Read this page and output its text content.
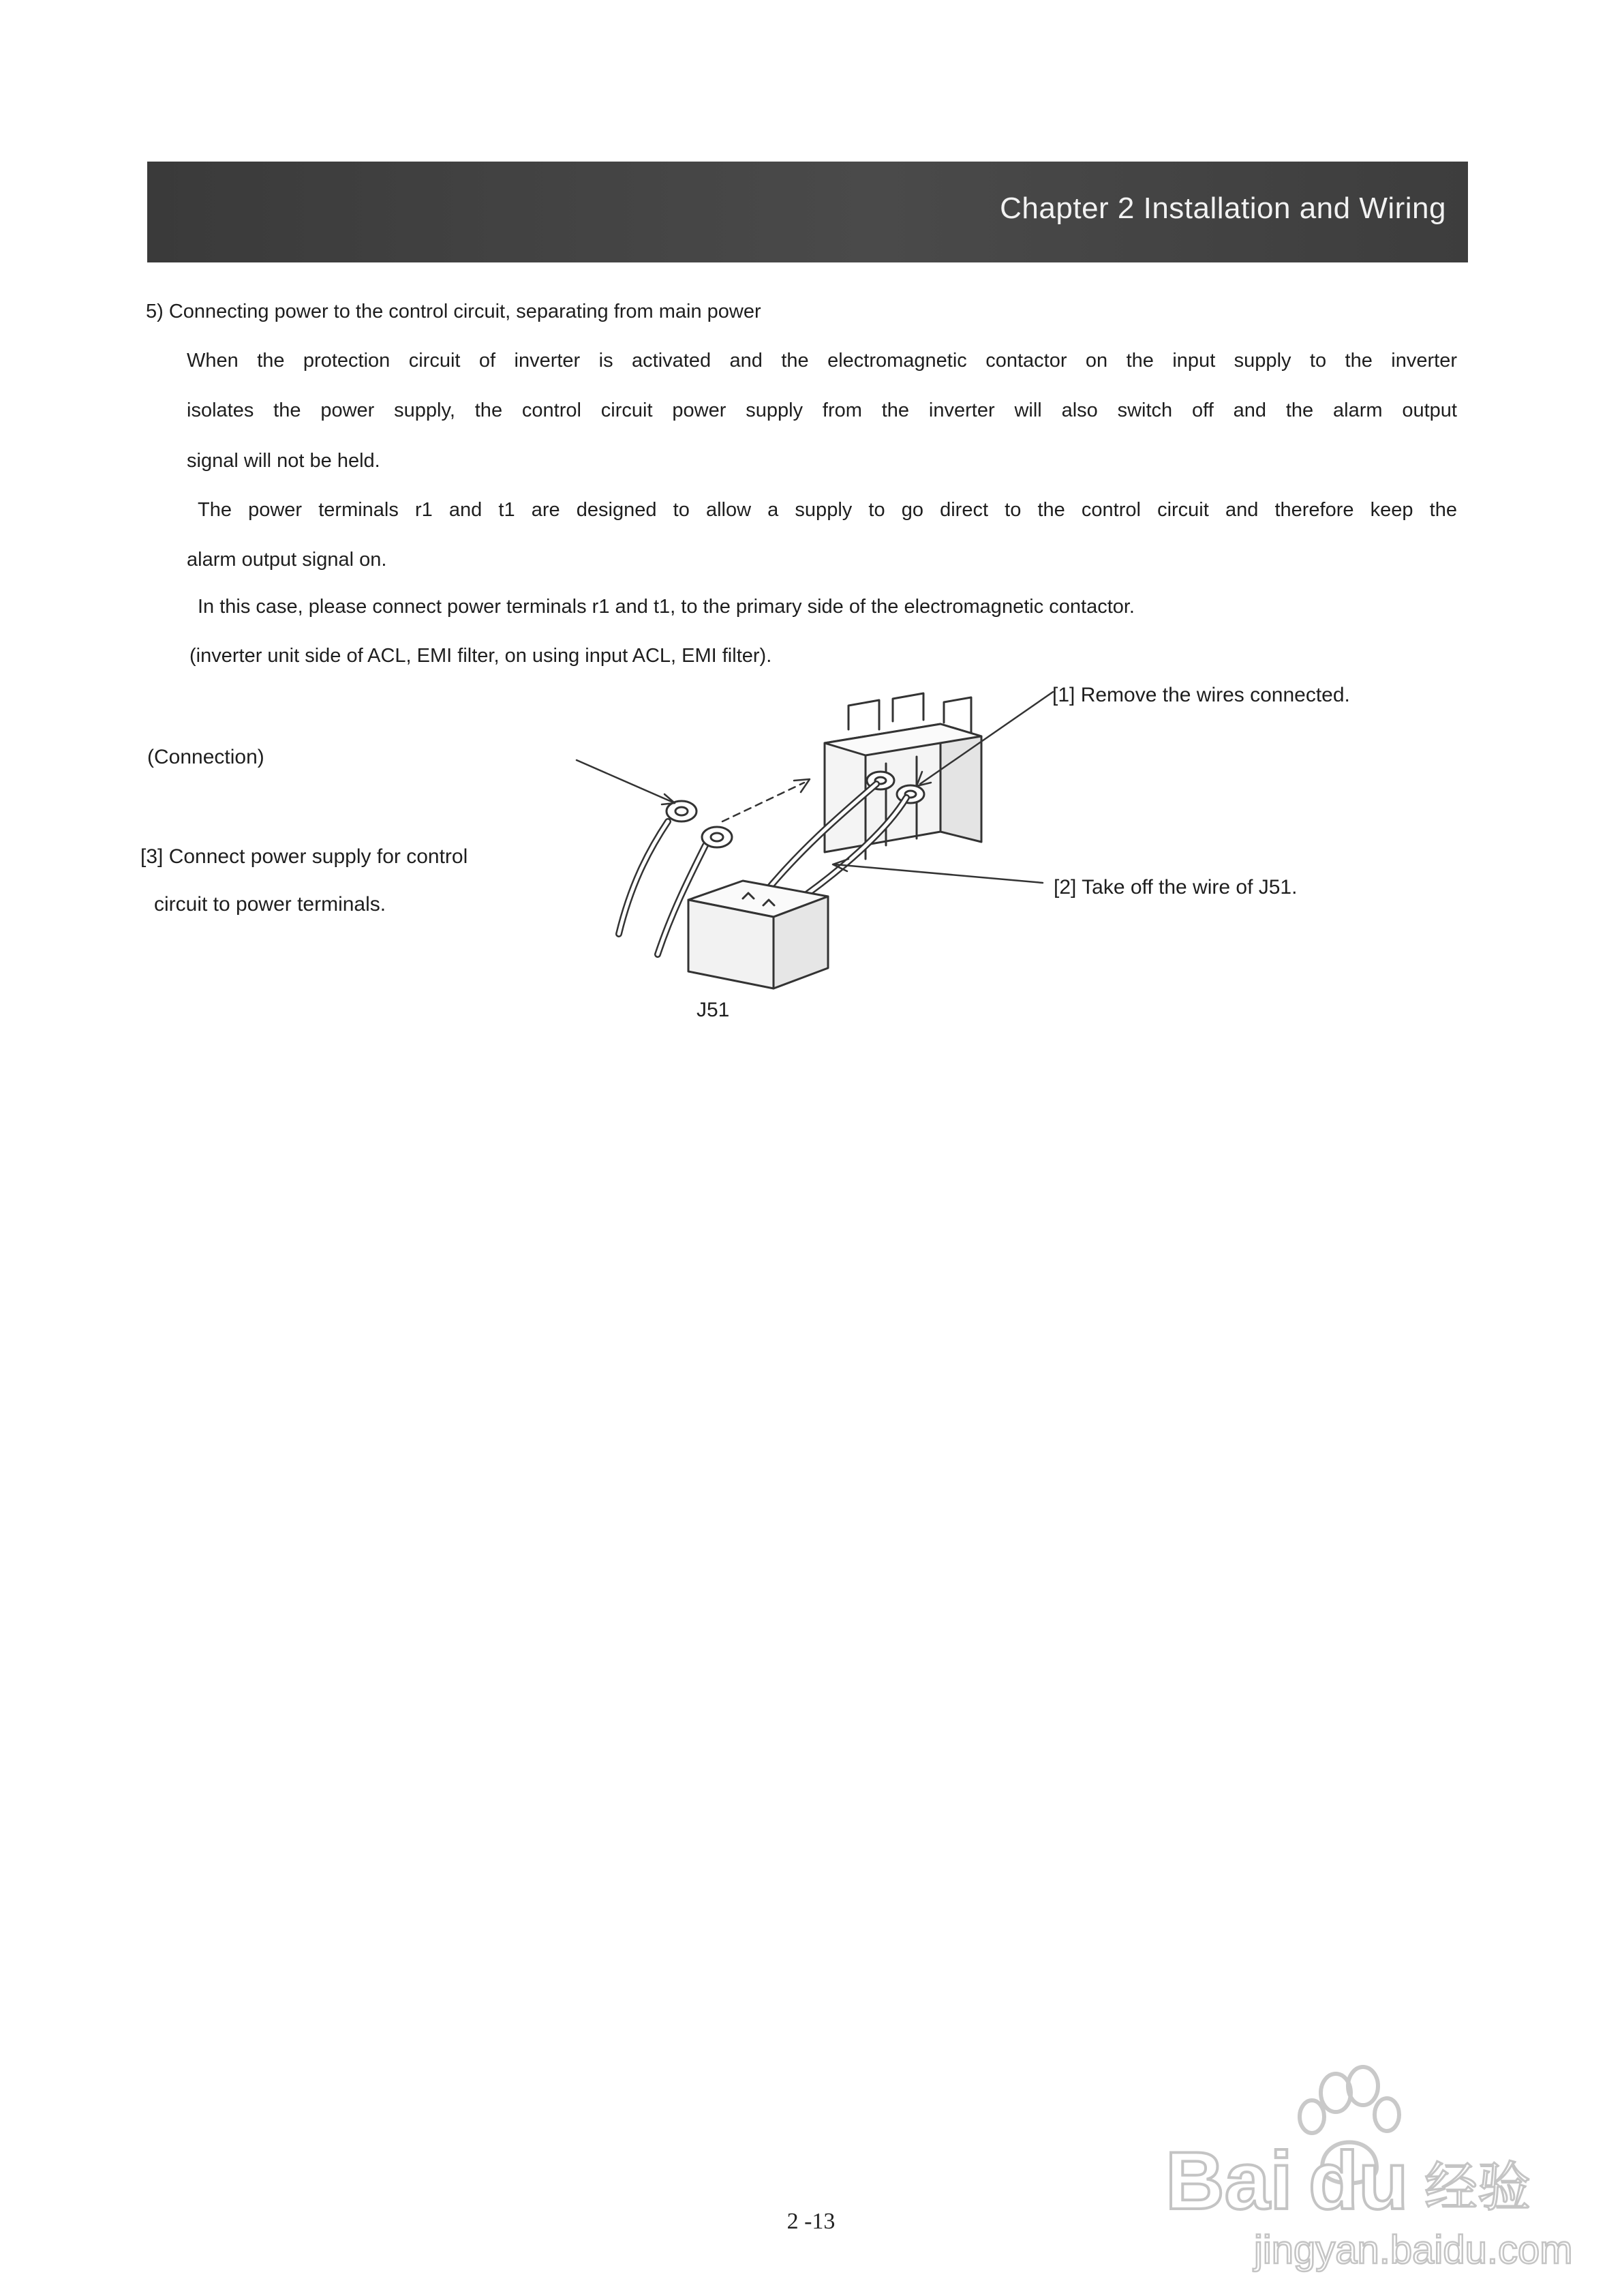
Chapter 2 Installation and Wiring
5) Connecting power to the control circuit, separating from main power
When the protection circuit of inverter is activated and the electromagnetic contactor on the input supply to the inverter
isolates the power supply, the control circuit power supply from the inverter will also switch off and the alarm output
signal will not be held.
The power terminals r1 and t1 are designed to allow a supply to go direct to the control circuit and therefore keep the
alarm output signal on.
In this case, please connect power terminals r1 and t1, to the primary side of the electromagnetic contactor.
(inverter unit side of ACL, EMI filter, on using input ACL, EMI filter).
(Connection)
[1] Remove the wires connected.
[2] Take off the wire of J51.
[3] Connect power supply for control
circuit to power terminals.
J51
2 -13	Bai du 经验
jingyan.baidu.com
